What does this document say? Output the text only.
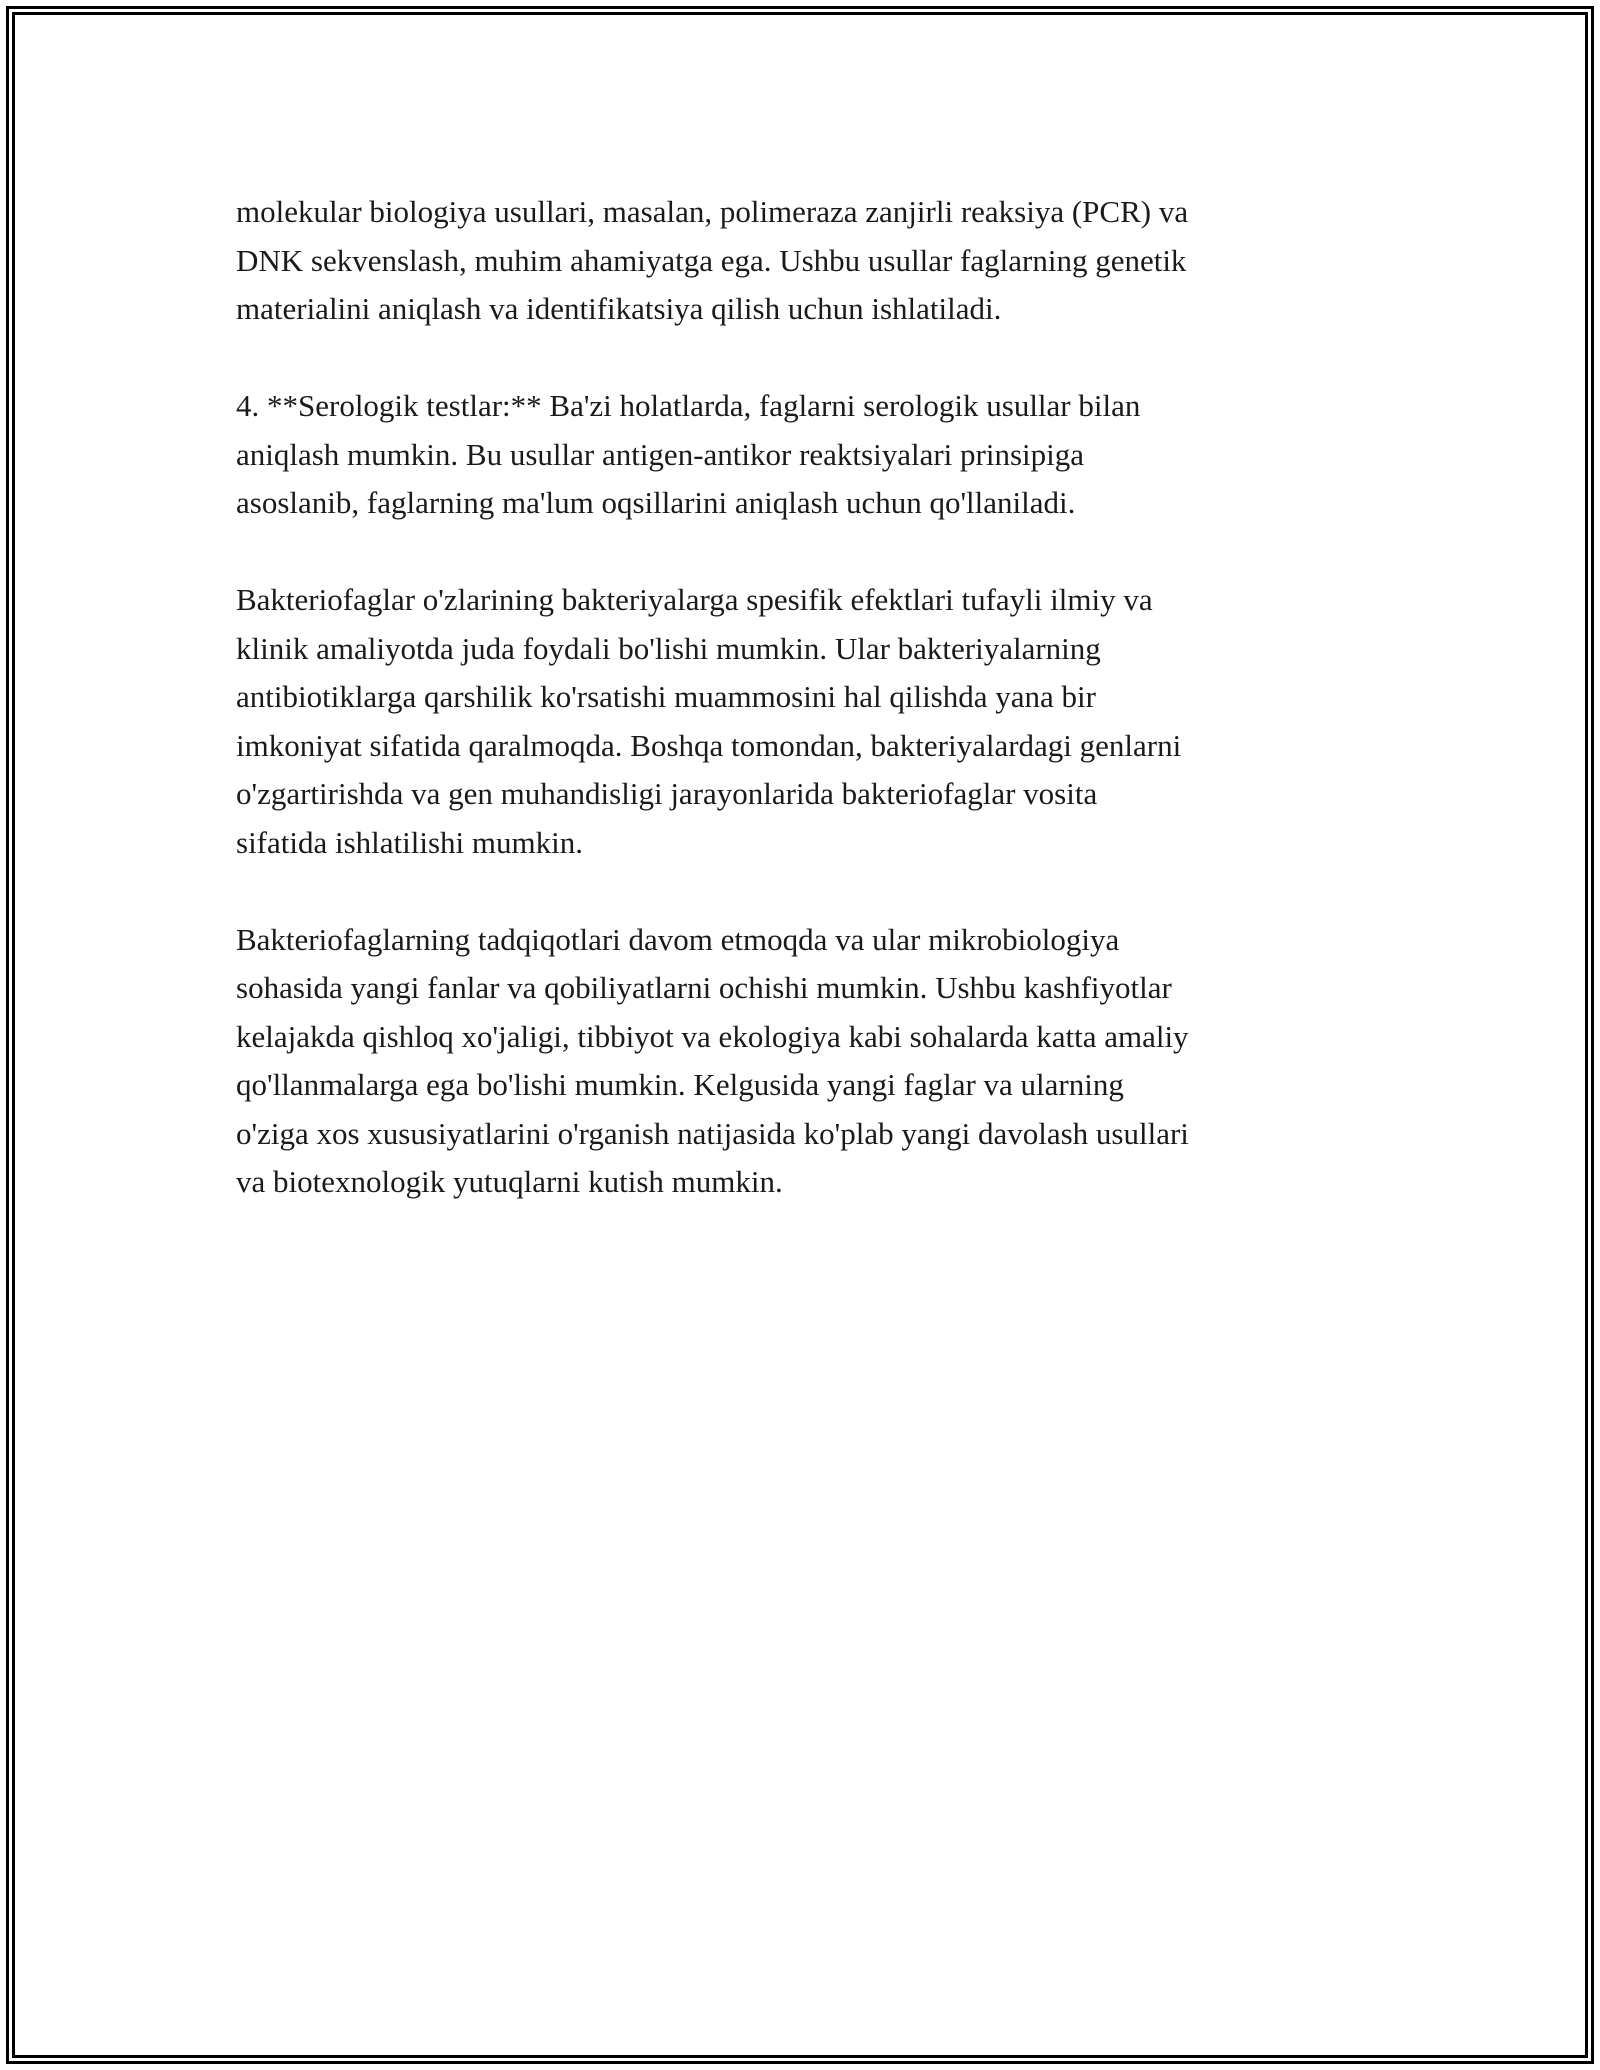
molekular biologiya usullari, masalan, polimeraza zanjirli reaksiya (PCR) va
DNK sekvenslash, muhim ahamiyatga ega. Ushbu usullar faglarning genetik
materialini aniqlash va identifikatsiya qilish uchun ishlatiladi.
4. **Serologik testlar:** Ba'zi holatlarda, faglarni serologik usullar bilan
aniqlash mumkin. Bu usullar antigen-antikor reaktsiyalari prinsipiga
asoslanib, faglarning ma'lum oqsillarini aniqlash uchun qo'llaniladi.
Bakteriofaglar o'zlarining bakteriyalarga spesifik efektlari tufayli ilmiy va
klinik amaliyotda juda foydali bo'lishi mumkin. Ular bakteriyalarning
antibiotiklarga qarshilik ko'rsatishi muammosini hal qilishda yana bir
imkoniyat sifatida qaralmoqda. Boshqa tomondan, bakteriyalardagi genlarni
o'zgartirishda va gen muhandisligi jarayonlarida bakteriofaglar vosita
sifatida ishlatilishi mumkin.
Bakteriofaglarning tadqiqotlari davom etmoqda va ular mikrobiologiya
sohasida yangi fanlar va qobiliyatlarni ochishi mumkin. Ushbu kashfiyotlar
kelajakda qishloq xo'jaligi, tibbiyot va ekologiya kabi sohalarda katta amaliy
qo'llanmalarga ega bo'lishi mumkin. Kelgusida yangi faglar va ularning
o'ziga xos xususiyatlarini o'rganish natijasida ko'plab yangi davolash usullari
va biotexnologik yutuqlarni kutish mumkin.
